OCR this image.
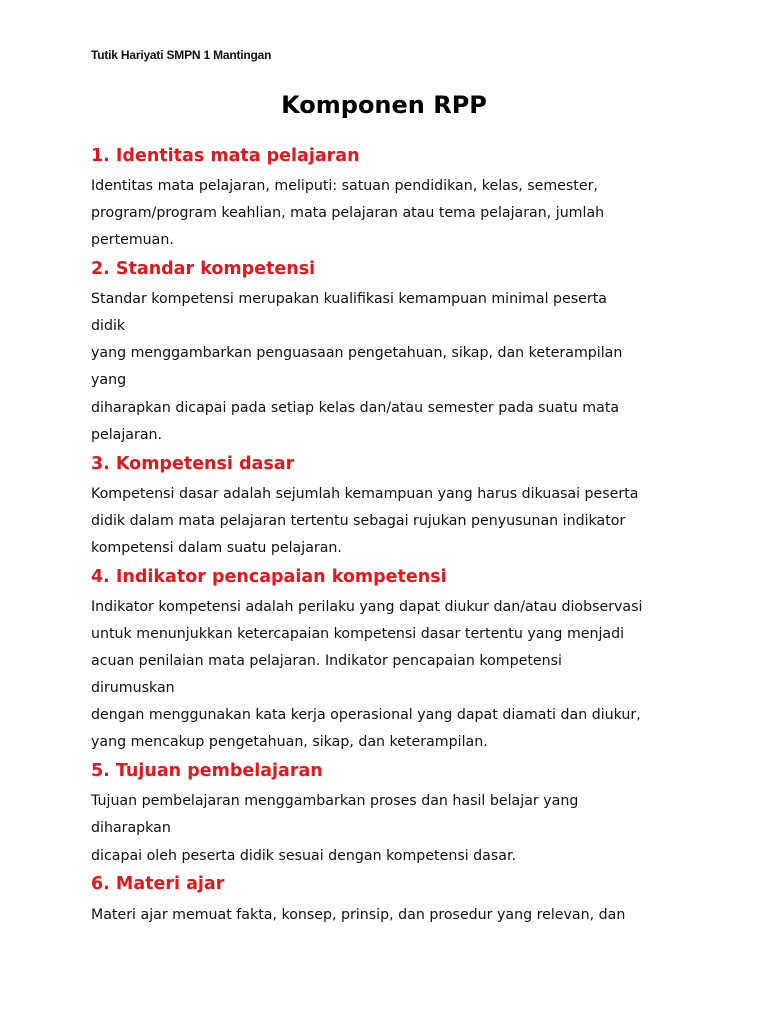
Tutik Hariyati SMPN 1 Mantingan
Komponen RPP
1. Identitas mata pelajaran

Identitas mata pelajaran, meliputi: satuan pendidikan, kelas, semester,

program/program keahlian, mata pelajaran atau tema pelajaran, jumlah

pertemuan.

2. Standar kompetensi

Standar kompetensi merupakan kualifikasi kemampuan minimal peserta

didik

yang menggambarkan penguasaan pengetahuan, sikap, dan keterampilan

yang

diharapkan dicapai pada setiap kelas dan/atau semester pada suatu mata

pelajaran.

3. Kompetensi dasar

Kompetensi dasar adalah sejumlah kemampuan yang harus dikuasai peserta

didik dalam mata pelajaran tertentu sebagai rujukan penyusunan indikator

kompetensi dalam suatu pelajaran.

4. Indikator pencapaian kompetensi

Indikator kompetensi adalah perilaku yang dapat diukur dan/atau diobservasi

untuk menunjukkan ketercapaian kompetensi dasar tertentu yang menjadi

acuan penilaian mata pelajaran. Indikator pencapaian kompetensi

dirumuskan

dengan menggunakan kata kerja operasional yang dapat diamati dan diukur,

yang mencakup pengetahuan, sikap, dan keterampilan.

5. Tujuan pembelajaran

Tujuan pembelajaran menggambarkan proses dan hasil belajar yang

diharapkan

dicapai oleh peserta didik sesuai dengan kompetensi dasar.

6. Materi ajar

Materi ajar memuat fakta, konsep, prinsip, dan prosedur yang relevan, dan
